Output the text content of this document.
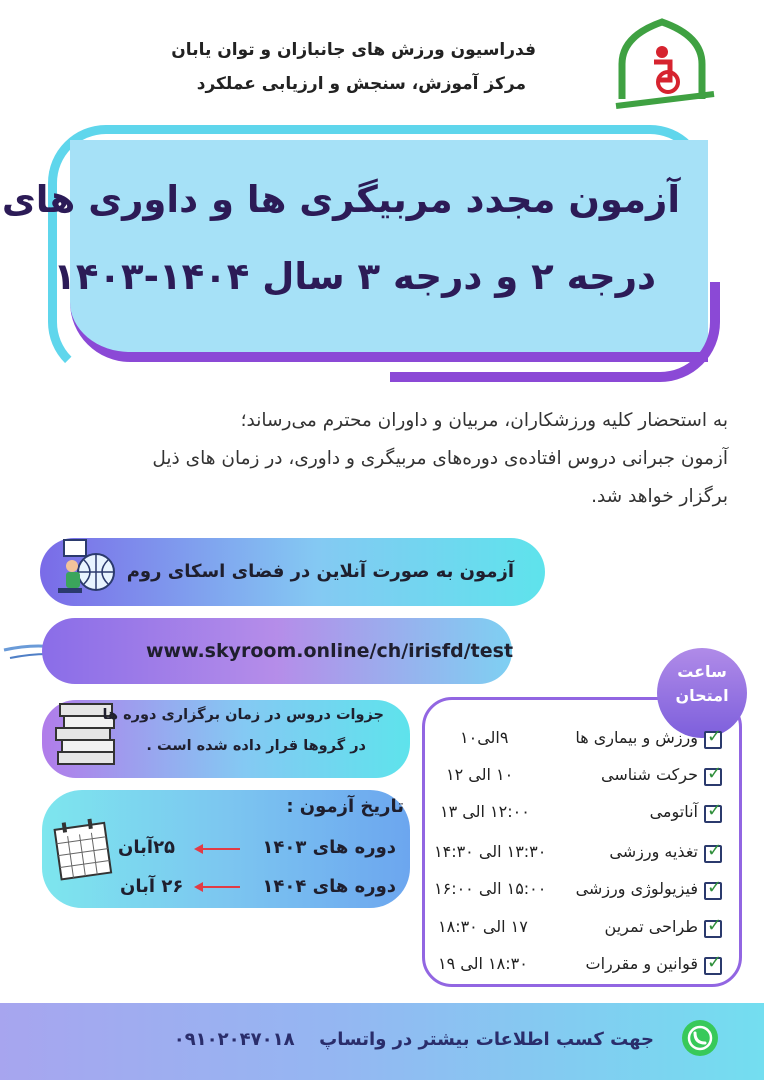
فدراسیون ورزش های جانبازان و توان یابان
مرکز آموزش، سنجش و ارزیابی عملکرد
آزمون مجدد مربیگری ها و داوری های
درجه ۲ و درجه ۳ سال ۱۴۰۴-۱۴۰۳
به استحضار کلیه ورزشکاران، مربیان و داوران محترم می‌رساند؛
آزمون جبرانی دروس افتاده‌ی دوره‌های مربیگری و داوری، در زمان های ذیل
برگزار خواهد شد.
آزمون به صورت آنلاین در فضای اسکای روم
www.skyroom.online/ch/irisfd/test
جزوات دروس در زمان برگزاری دوره ها
در گروها قرار داده شده است .
تاریخ آزمون :
دوره های ۱۴۰۳
۲۵آبان
دوره های ۱۴۰۴
۲۶ آبان
ساعت
امتحان
✓
ورزش و بیماری ها
۹الی۱۰
✓
حرکت شناسی
۱۰ الی ۱۲
✓
آناتومی
۱۲:۰۰ الی ۱۳
✓
تغذیه ورزشی
۱۳:۳۰ الی ۱۴:۳۰
✓
فیزیولوژی ورزشی
۱۵:۰۰ الی ۱۶:۰۰
✓
طراحی تمرین
۱۷ الی ۱۸:۳۰
✓
قوانین و مقررات
۱۸:۳۰ الی ۱۹
جهت کسب اطلاعات بیشتر در واتساپ  ۰۹۱۰۲۰۴۷۰۱۸
